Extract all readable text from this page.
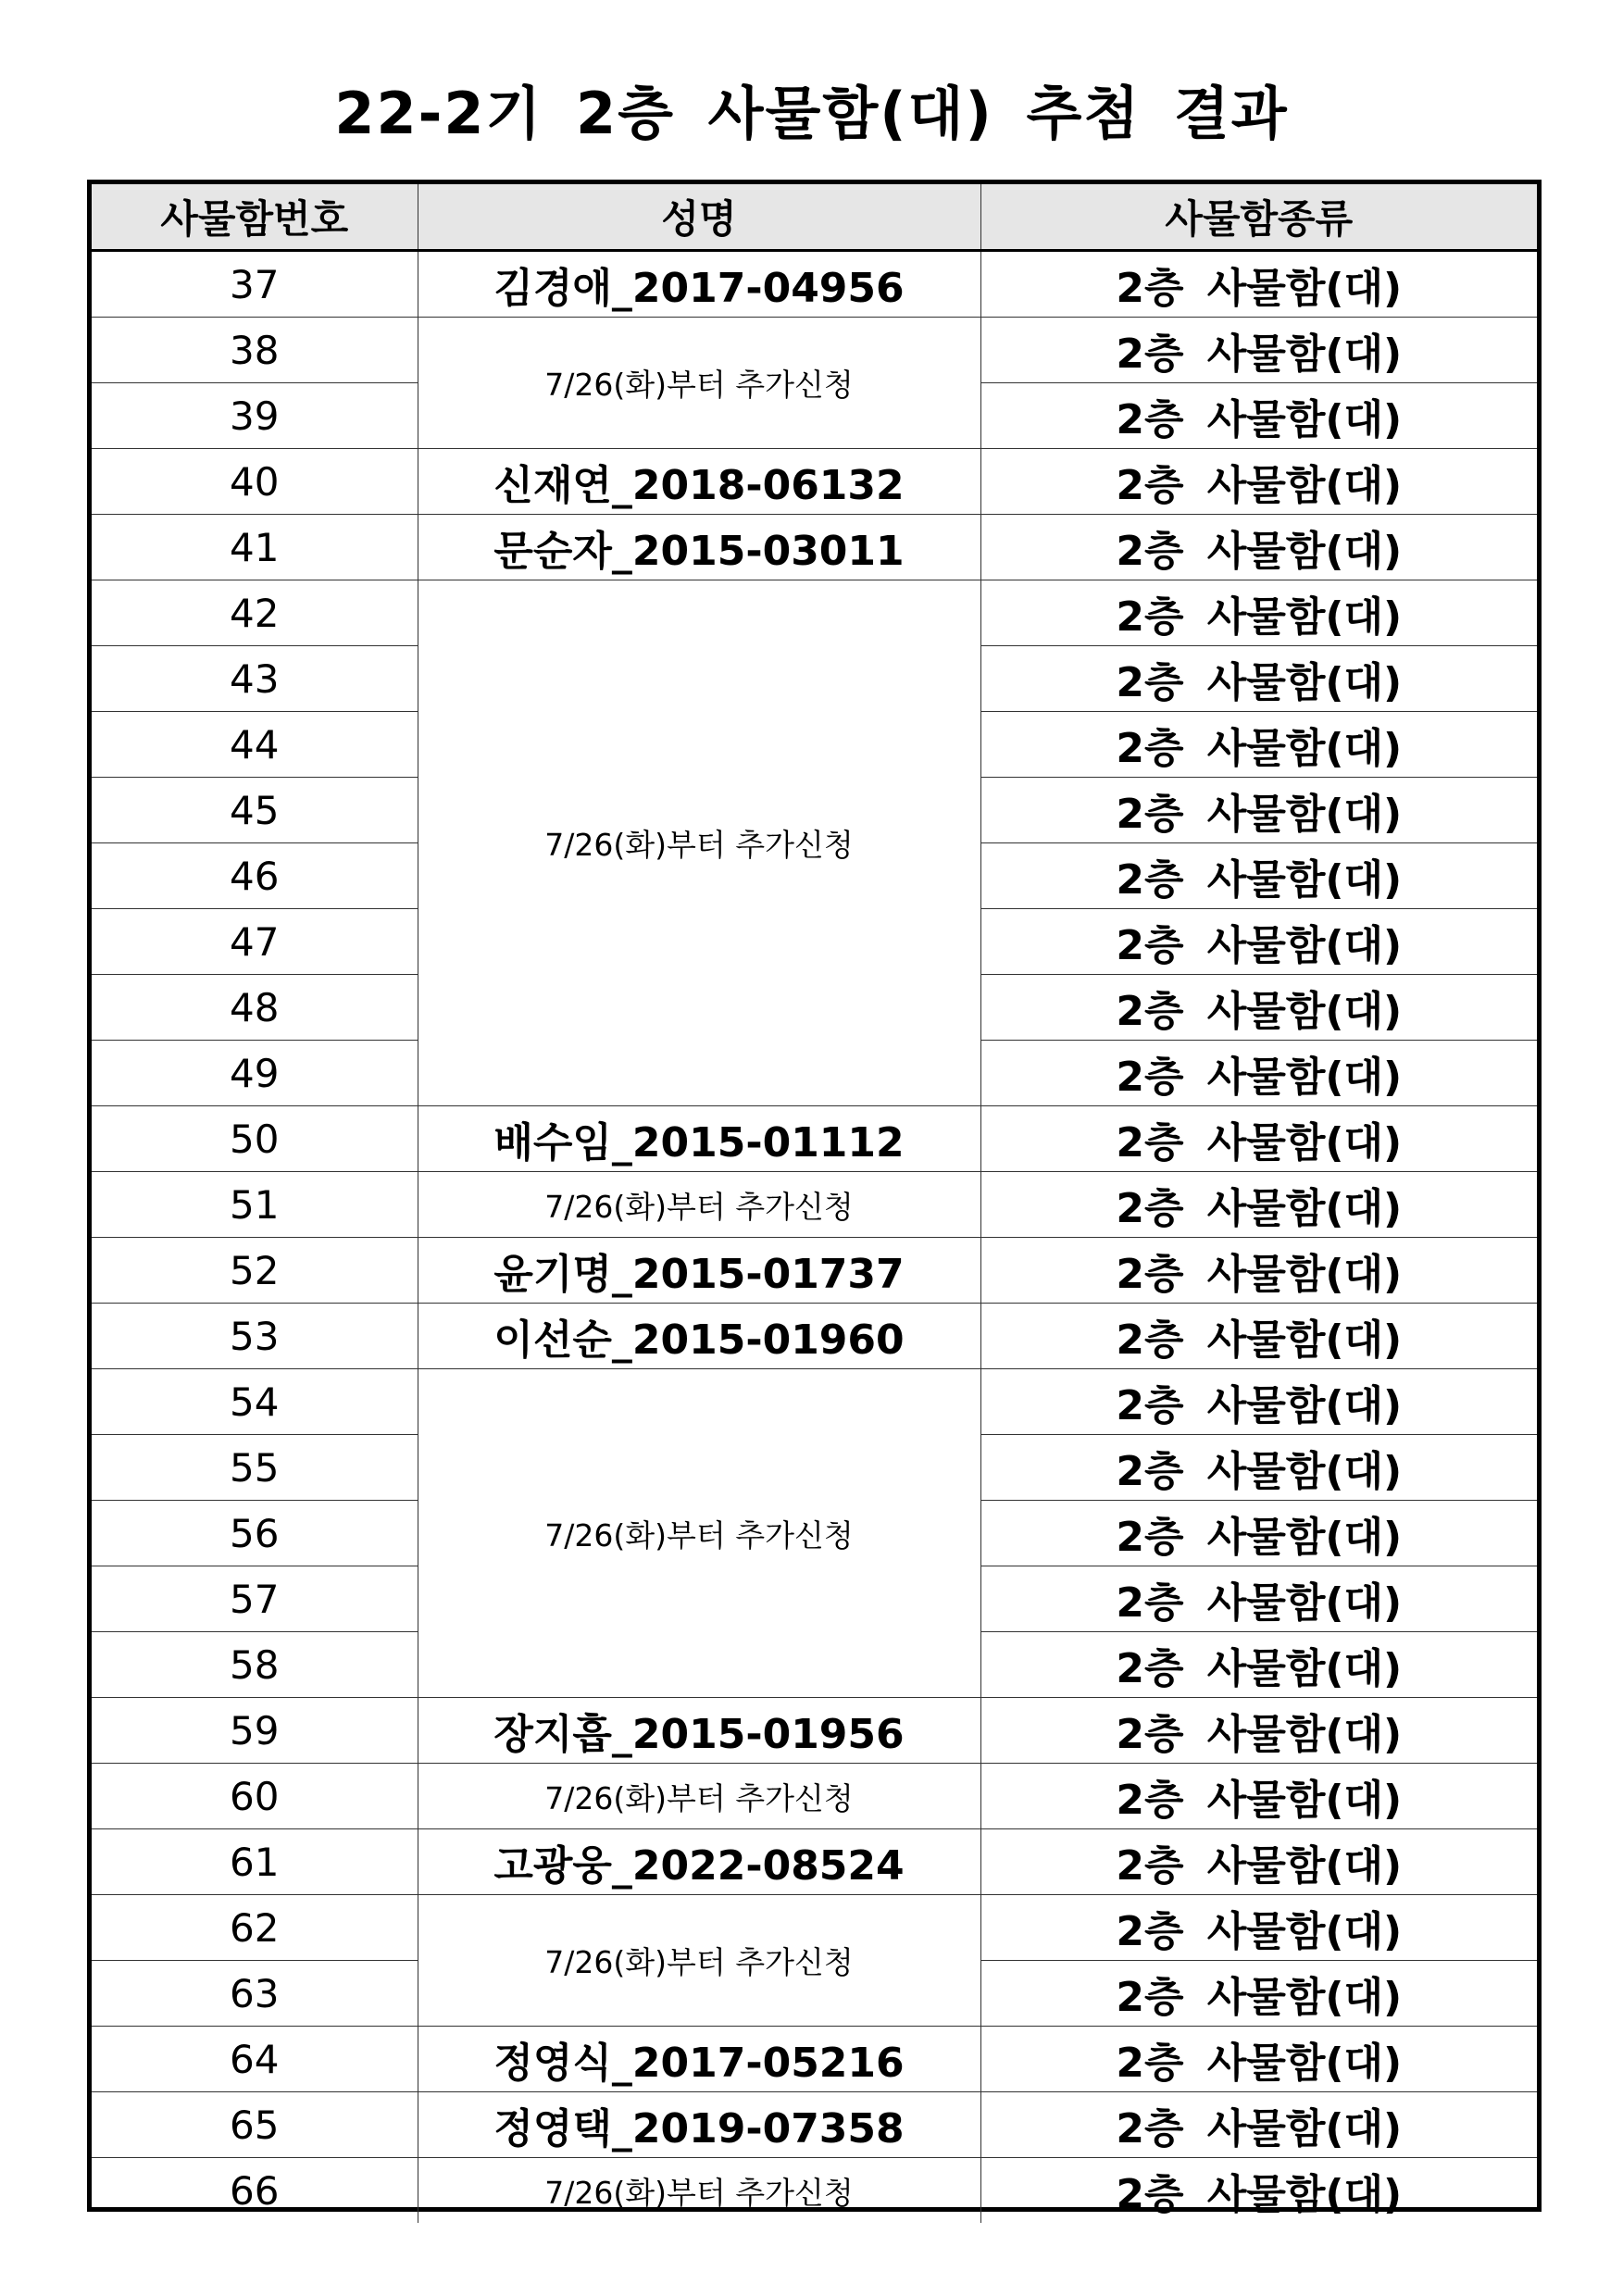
22-2기 2층 사물함(대) 추첨 결과
사물함번호	성명	사물함종류
37	김경애_2017-04956	2층 사물함(대)
38	7/26(화)부터 추가신청	2층 사물함(대)
39		2층 사물함(대)
40	신재연_2018-06132	2층 사물함(대)
41	문순자_2015-03011	2층 사물함(대)
42	7/26(화)부터 추가신청	2층 사물함(대)
43		2층 사물함(대)
44		2층 사물함(대)
45		2층 사물함(대)
46		2층 사물함(대)
47		2층 사물함(대)
48		2층 사물함(대)
49		2층 사물함(대)
50	배수임_2015-01112	2층 사물함(대)
51	7/26(화)부터 추가신청	2층 사물함(대)
52	윤기명_2015-01737	2층 사물함(대)
53	이선순_2015-01960	2층 사물함(대)
54	7/26(화)부터 추가신청	2층 사물함(대)
55		2층 사물함(대)
56		2층 사물함(대)
57		2층 사물함(대)
58		2층 사물함(대)
59	장지흡_2015-01956	2층 사물함(대)
60	7/26(화)부터 추가신청	2층 사물함(대)
61	고광웅_2022-08524	2층 사물함(대)
62	7/26(화)부터 추가신청	2층 사물함(대)
63		2층 사물함(대)
64	정영식_2017-05216	2층 사물함(대)
65	정영택_2019-07358	2층 사물함(대)
66	7/26(화)부터 추가신청	2층 사물함(대)
